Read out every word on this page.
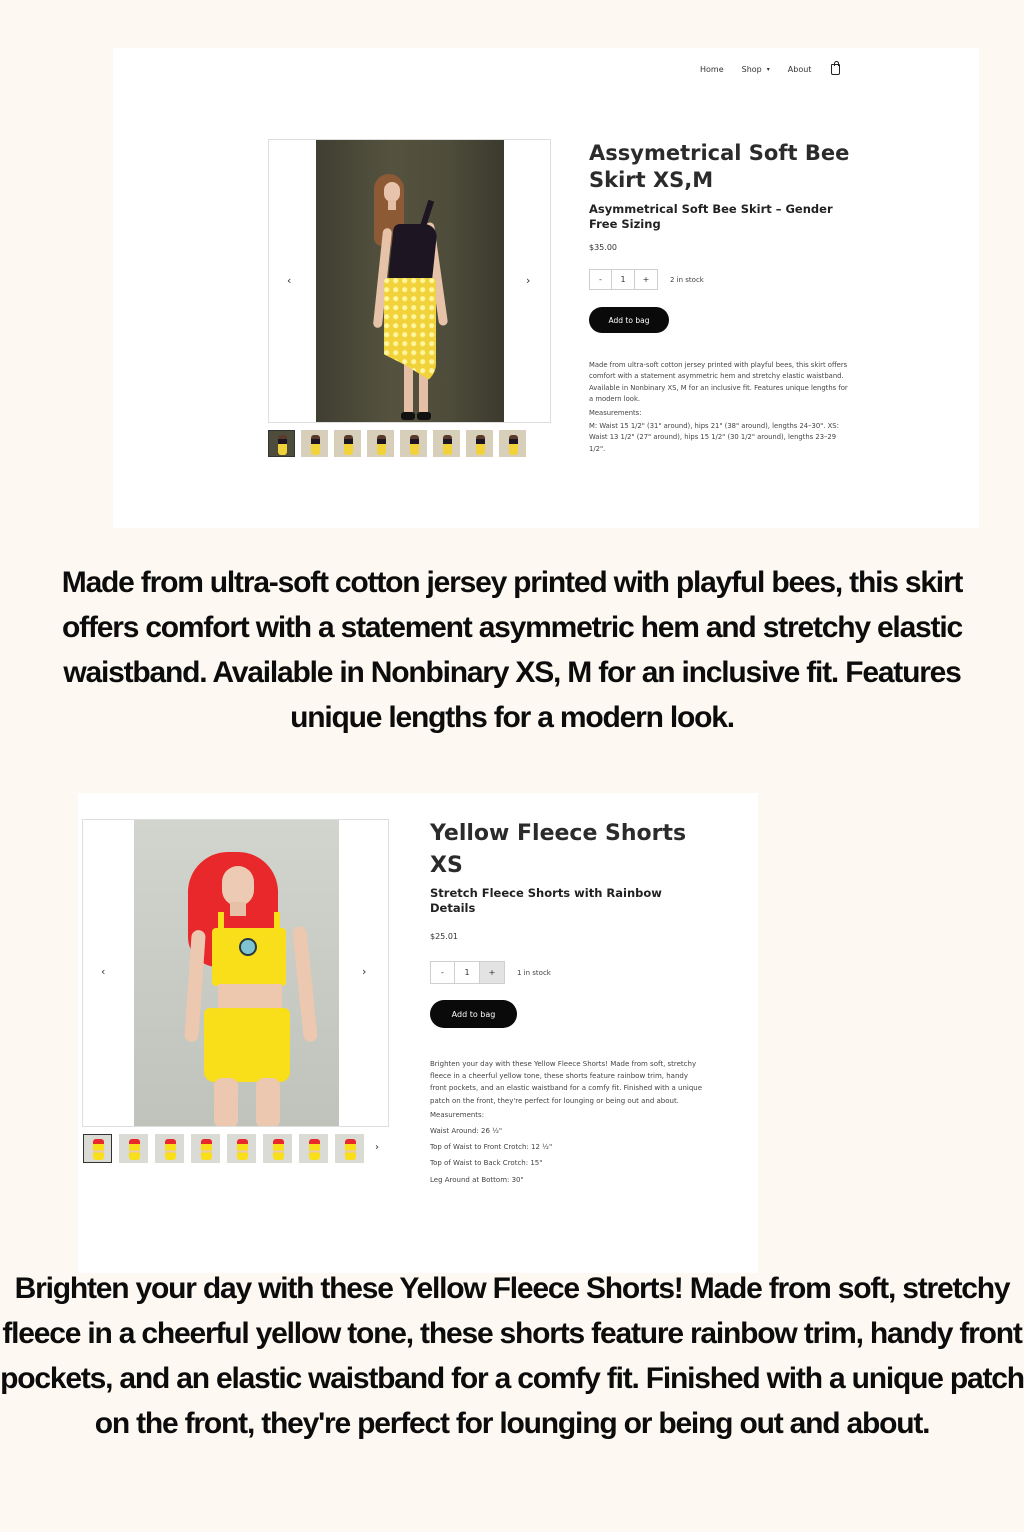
Home Shop ▾ About
‹	›
Assymetrical Soft Bee Skirt XS,M
Asymmetrical Soft Bee Skirt – Gender Free Sizing
$35.00
-	1	+	2 in stock
Add to bag

Made from ultra-soft cotton jersey printed with playful bees, this skirt offers comfort with a statement asymmetric hem and stretchy elastic waistband. Available in Nonbinary XS, M for an inclusive fit. Features unique lengths for a modern look.

Measurements:

M: Waist 15 1/2" (31" around), hips 21" (38" around), lengths 24–30". XS: Waist 13 1/2" (27" around), hips 15 1/2" (30 1/2" around), lengths 23–29 1/2".

Made from ultra-soft cotton jersey printed with playful bees, this skirt offers comfort with a statement asymmetric hem and stretchy elastic waistband. Available in Nonbinary XS, M for an inclusive fit. Features unique lengths for a modern look.
‹	›
›
Yellow Fleece Shorts XS
Stretch Fleece Shorts with Rainbow Details
$25.01
-	1	+	1 in stock
Add to bag

Brighten your day with these Yellow Fleece Shorts! Made from soft, stretchy fleece in a cheerful yellow tone, these shorts feature rainbow trim, handy front pockets, and an elastic waistband for a comfy fit. Finished with a unique patch on the front, they're perfect for lounging or being out and about.

Measurements:

Waist Around: 26 ½"

Top of Waist to Front Crotch: 12 ½"

Top of Waist to Back Crotch: 15"

Leg Around at Bottom: 30"

Brighten your day with these Yellow Fleece Shorts! Made from soft, stretchy
fleece in a cheerful yellow tone, these shorts feature rainbow trim, handy front
pockets, and an elastic waistband for a comfy fit. Finished with a unique patch
on the front, they're perfect for lounging or being out and about.
